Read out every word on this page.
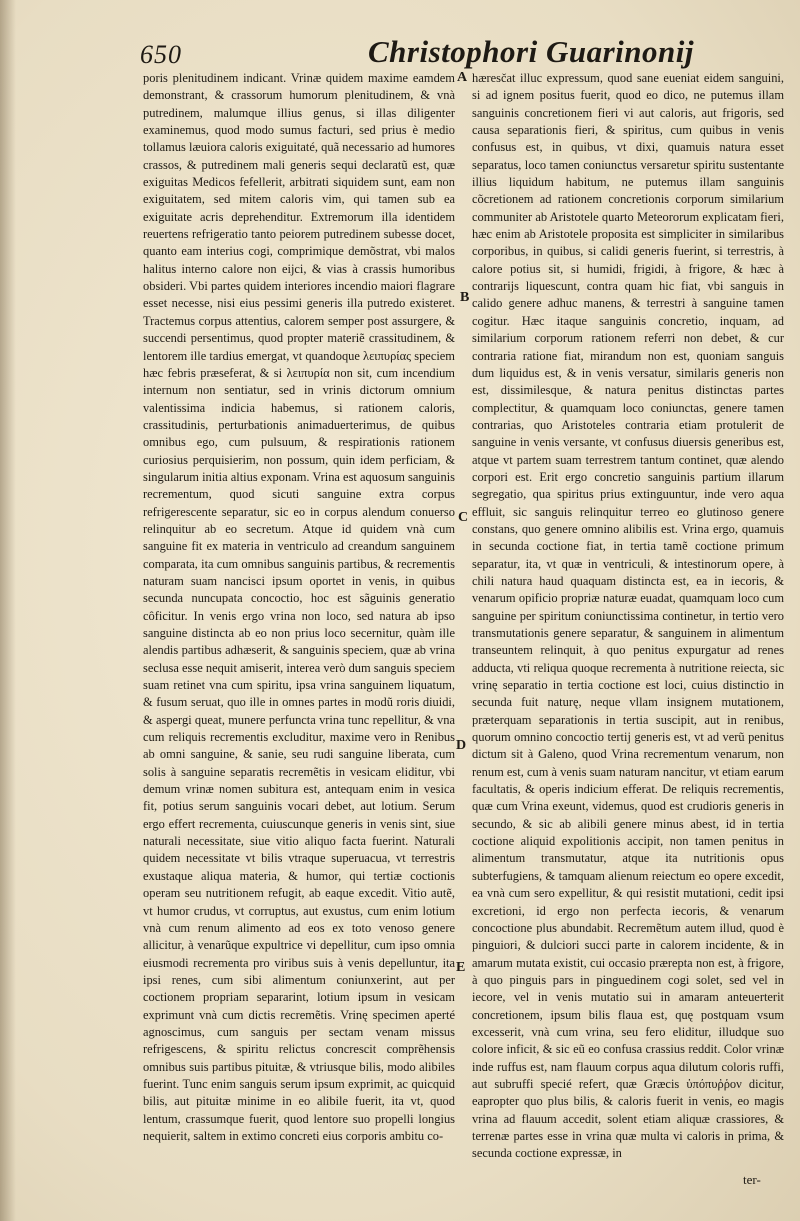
650	Christophori Guarinonij

poris plenitudinem indicant. Vrinæ quidem maxime eamdem demonstrant, & crassorum humorum plenitudinem, & vnà putredinem, malumque illius genus, si illas diligenter examinemus, quod modo sumus facturi, sed prius è medio tollamus læuiora caloris exiguitaté, quã necessario ad humores crassos, & putredinem mali generis sequi declaratũ est, quæ exiguitas Medicos fefellerit, arbitrati siquidem sunt, eam non exiguitatem, sed mitem caloris vim, qui tamen sub ea exiguitate acris deprehenditur. Extremorum illa identidem reuertens refrigeratio tanto peiorem putredinem subesse docet, quanto eam interius cogi, comprimique demõstrat, vbi malos halitus interno calore non eijci, & vias à crassis humoribus obsideri. Vbi partes quidem interiores incendio maiori flagrare esset necesse, nisi eius pessimi generis illa putredo existeret. Tractemus corpus attentius, calorem semper post assurgere, & succendi persentimus, quod propter materiẽ crassitudinem, & lentorem ille tardius emergat, vt quandoque λειπυρίας speciem hæc febris præseferat, & si λειπυρία non sit, cum incendium internum non sentiatur, sed in vrinis dictorum omnium valentissima indicia habemus, si rationem caloris, crassitudinis, perturbationis animaduerterimus, de quibus omnibus ego, cum pulsuum, & respirationis rationem curiosius perquisierim, non possum, quin idem perficiam, & singularum initia altius exponam. Vrina est aquosum sanguinis recrementum, quod sicuti sanguine extra corpus refrigerescente separatur, sic eo in corpus alendum conuerso relinquitur ab eo secretum. Atque id quidem vnà cum sanguine fit ex materia in ventriculo ad creandum sanguinem comparata, ita cum omnibus sanguinis partibus, & recrementis naturam suam nancisci ipsum oportet in venis, in quibus secunda nuncupata concoctio, hoc est sãguinis generatio côficitur. In venis ergo vrina non loco, sed natura ab ipso sanguine distincta ab eo non prius loco secernitur, quàm ille alendis partibus adhæserit, & sanguinis speciem, quæ ab vrina seclusa esse nequit amiserit, interea verò dum sanguis speciem suam retinet vna cum spiritu, ipsa vrina sanguinem liquatum, & fusum seruat, quo ille in omnes partes in modũ roris diuidi, & aspergi queat, munere perfuncta vrina tunc repellitur, & vna cum reliquis recrementis excluditur, maxime vero in Renibus ab omni sanguine, & sanie, seu rudi sanguine liberata, cum solis à sanguine separatis recremẽtis in vesicam eliditur, vbi demum vrinæ nomen subitura est, antequam enim in vesica fit, potius serum sanguinis vocari debet, aut lotium. Serum ergo effert recrementa, cuiuscunque generis in venis sint, siue naturali necessitate, siue vitio aliquo facta fuerint. Naturali quidem necessitate vt bilis vtraque superuacua, vt terrestris exustaque aliqua materia, & humor, qui tertiæ coctionis operam seu nutritionem refugit, ab eaque excedit. Vitio autẽ, vt humor crudus, vt corruptus, aut exustus, cum enim lotium vnà cum renum alimento ad eos ex toto venoso genere allicitur, à venarũque expultrice vi depellitur, cum ipso omnia eiusmodi recrementa pro viribus suis à venis depelluntur, ita ipsi renes, cum sibi alimentum coniunxerint, aut per coctionem propriam separarint, lotium ipsum in vesicam exprimunt vnà cum dictis recremẽtis. Vrinę specimen aperté agnoscimus, cum sanguis per sectam venam missus refrigescens, & spiritu relictus concrescit comprẽhensis omnibus suis partibus pituitæ, & vtriusque bilis, modo alibiles fuerint. Tunc enim sanguis serum ipsum exprimit, ac quicquid bilis, aut pituitæ minime in eo alibile fuerit, ita vt, quod lentum, crassumque fuerit, quod lentore suo propelli longius nequierit, saltem in extimo concreti eius corporis ambitu co-

A
B
C
D
E

hæresčat illuc expressum, quod sane eueniat eidem sanguini, si ad ignem positus fuerit, quod eo dico, ne putemus illam sanguinis concretionem fieri vi aut caloris, aut frigoris, sed causa separationis fieri, & spiritus, cum quibus in venis confusus est, in quibus, vt dixi, quamuis natura esset separatus, loco tamen coniunctus versaretur spiritu sustentante illius liquidum habitum, ne putemus illam sanguinis cõcretionem ad rationem concretionis corporum similarium communiter ab Aristotele quarto Meteororum explicatam fieri, hæc enim ab Aristotele proposita est simpliciter in similaribus corporibus, in quibus, si calidi generis fuerint, si terrestris, à calore potius sit, si humidi, frigidi, à frigore, & hæc à contrarijs liquescunt, contra quam hic fiat, vbi sanguis in calido genere adhuc manens, & terrestri à sanguine tamen cogitur. Hæc itaque sanguinis concretio, inquam, ad similarium corporum rationem referri non debet, & cur contraria ratione fiat, mirandum non est, quoniam sanguis dum liquidus est, & in venis versatur, similaris generis non est, dissimilesque, & natura penitus distinctas partes complectitur, & quamquam loco coniunctas, genere tamen contrarias, quo Aristoteles contraria etiam protulerit de sanguine in venis versante, vt confusus diuersis generibus est, atque vt partem suam terrestrem tantum continet, quæ alendo corpori est. Erit ergo concretio sanguinis partium illarum segregatio, qua spiritus prius extinguuntur, inde vero aqua effluit, sic sanguis relinquitur terreo eo glutinoso genere constans, quo genere omnino alibilis est. Vrina ergo, quamuis in secunda coctione fiat, in tertia tamẽ coctione primum separatur, ita, vt quæ in ventriculi, & intestinorum opere, à chili natura haud quaquam distincta est, ea in iecoris, & venarum opificio propriæ naturæ euadat, quamquam loco cum sanguine per spiritum coniunctissima continetur, in tertio vero transmutationis genere separatur, & sanguinem in alimentum transeuntem relinquit, à quo penitus expurgatur ad renes adducta, vti reliqua quoque recrementa à nutritione reiecta, sic vrinę separatio in tertia coctione est loci, cuius distinctio in secunda fuit naturę, neque vllam insignem mutationem, præterquam separationis in tertia suscipit, aut in renibus, quorum omnino concoctio tertij generis est, vt ad verũ penitus dictum sit à Galeno, quod Vrina recrementum venarum, non renum est, cum à venis suam naturam nancitur, vt etiam earum facultatis, & operis indicium efferat. De reliquis recrementis, quæ cum Vrina exeunt, videmus, quod est crudioris generis in secundo, & sic ab alibili genere minus abest, id in tertia coctione aliquid expolitionis accipit, non tamen penitus in alimentum transmutatur, atque ita nutritionis opus subterfugiens, & tamquam alienum reiectum eo opere excedit, ea vnà cum sero expellitur, & qui resistit mutationi, cedit ipsi excretioni, id ergo non perfecta iecoris, & venarum concoctione plus abundabit. Recremẽtum autem illud, quod è pinguiori, & dulciori succi parte in calorem incidente, & in amarum mutata existit, cui occasio præreptа non est, à frigore, à quo pinguis pars in pinguedinem cogi solet, sed vel in iecore, vel in venis mutatio sui in amaram anteuerterit concretionem, ipsum bilis flaua est, quę postquam vsum excesserit, vnà cum vrina, seu fero eliditur, illudque suo colore inficit, & sic eũ eo confusa crassius reddit. Color vrinæ inde ruffus est, nam flauum corpus aqua dilutum coloris ruffi, aut subruffi specié refert, quæ Græcis ὑπόπυῤῥον dicitur, eapropter quo plus bilis, & caloris fuerit in venis, eo magis vrina ad flauum accedit, solent etiam aliquæ crassiores, & terrenæ partes esse in vrina quæ multa vi caloris in prima, & secunda coctione expressæ, in

ter-
